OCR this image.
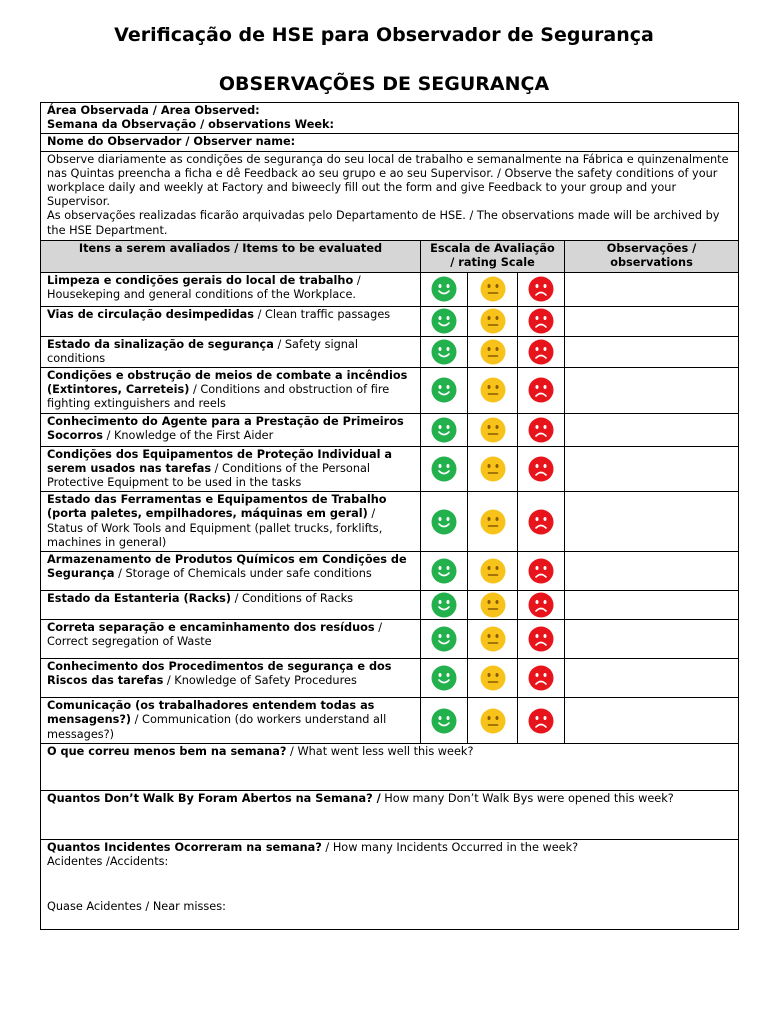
Verificação de HSE para Observador de Segurança
OBSERVAÇÕES DE SEGURANÇA
Área Observada / Area Observed:
Semana da Observação / observations Week:				

Nome do Observador / Observer name:				

Observe diariamente as condições de segurança do seu local de trabalho e semanalmente na Fábrica e quinzenalmente nas Quintas preencha a ficha e dê Feedback ao seu grupo e ao seu Supervisor. / Observe the safety conditions of your workplace daily and weekly at Factory and biweecly fill out the form and give Feedback to your group and your Supervisor.
As observações realizadas ficarão arquivadas pelo Departamento de HSE. / The observations made will be archived by the HSE Department.				

Itens a serem avaliados / Items to be evaluated	Escala de Avaliação / rating Scale			Observações / observations
Limpeza e condições gerais do local de trabalho / Housekeping and general conditions of the Workplace.	

Vias de circulação desimpedidas / Clean traffic passages	

Estado da sinalização de segurança / Safety signal conditions	

Condições e obstrução de meios de combate a incêndios (Extintores, Carreteis) / Conditions and obstruction of fire fighting extinguishers and reels	

Conhecimento do Agente para a Prestação de Primeiros Socorros / Knowledge of the First Aider	

Condições dos Equipamentos de Proteção Individual a serem usados nas tarefas / Conditions of the Personal Protective Equipment to be used in the tasks	

Estado das Ferramentas e Equipamentos de Trabalho (porta paletes, empilhadores, máquinas em geral) / Status of Work Tools and Equipment (pallet trucks, forklifts, machines in general)	

Armazenamento de Produtos Químicos em Condições de Segurança / Storage of Chemicals under safe conditions	

Estado da Estanteria (Racks) / Conditions of Racks	

Correta separação e encaminhamento dos resíduos / Correct segregation of Waste	

Conhecimento dos Procedimentos de segurança e dos Riscos das tarefas / Knowledge of Safety Procedures	

Comunicação (os trabalhadores entendem todas as mensagens?) / Communication (do workers understand all messages?)	

O que correu menos bem na semana? / What went less well this week?				
Quantos Don’t Walk By Foram Abertos na Semana? / How many Don’t Walk Bys were opened this week?				
Quantos Incidentes Ocorreram na semana? / How many Incidents Occurred in the week?
Acidentes /Accidents:
Quase Acidentes / Near misses:				
